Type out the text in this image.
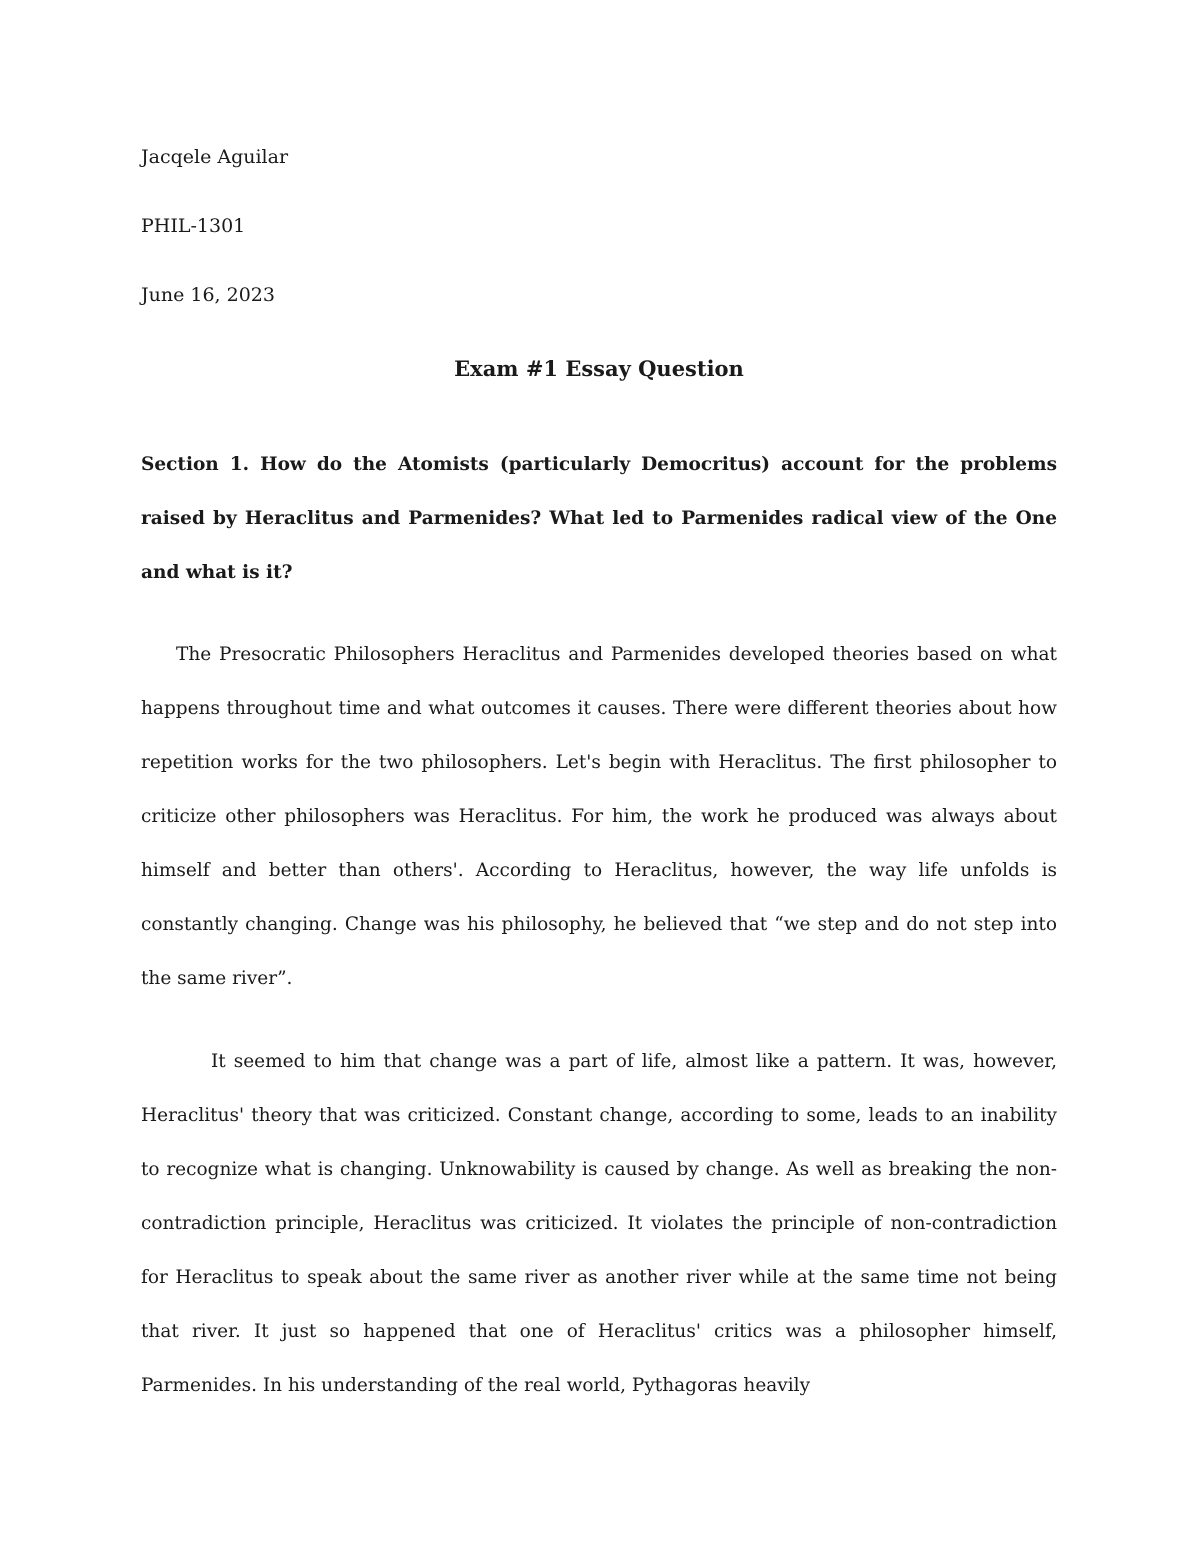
Jacqele Aguilar
PHIL-1301
June 16, 2023
Exam #1 Essay Question
Section 1. How do the Atomists (particularly Democritus) account for the problems raised by Heraclitus and Parmenides? What led to Parmenides radical view of the One and what is it?

The Presocratic Philosophers Heraclitus and Parmenides developed theories based on what happens throughout time and what outcomes it causes. There were different theories about how repetition works for the two philosophers. Let's begin with Heraclitus. The first philosopher to criticize other philosophers was Heraclitus. For him, the work he produced was always about himself and better than others'. According to Heraclitus, however, the way life unfolds is constantly changing. Change was his philosophy, he believed that “we step and do not step into the same river”.

It seemed to him that change was a part of life, almost like a pattern. It was, however, Heraclitus' theory that was criticized. Constant change, according to some, leads to an inability to recognize what is changing. Unknowability is caused by change. As well as breaking the non-contradiction principle, Heraclitus was criticized. It violates the principle of non-contradiction for Heraclitus to speak about the same river as another river while at the same time not being that river. It just so happened that one of Heraclitus' critics was a philosopher himself, Parmenides. In his understanding of the real world, Pythagoras heavily
